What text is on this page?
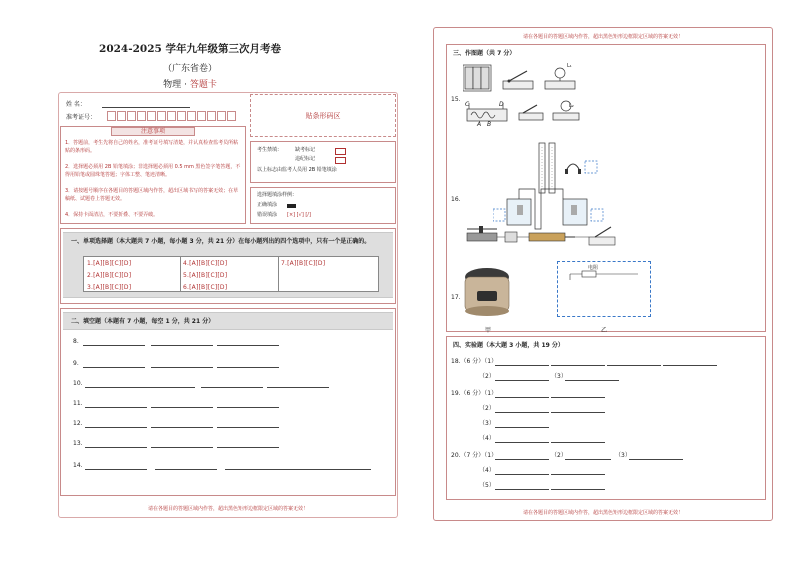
2024-2025 学年九年级第三次月考卷
（广东省卷）
物理 · 答题卡
姓 名：
准考证号：	贴条形码区
注意事项
1．答题前，考生先将自己的姓名，准考证号填写清楚，并认真检查监考员所粘贴的条形码。
2．选择题必须用 2B 铅笔填涂；非选择题必须用 0.5 mm 黑色签字笔答题，不得用铅笔或圆珠笔答题；字体工整、笔迹清晰。
3．请按题号顺序在各题目的答题区域内作答，超出区域书写的答案无效；在草稿纸、试题卷上答题无效。
4．保持卡面清洁，不要折叠、不要弄破。
考生禁填：	缺考标记
违纪标记
以上标志由监考人员用 2B 铅笔填涂
选择题填涂样例：
正确填涂
错误填涂 [×] [√] [/]
一、单项选择题（本大题共 7 小题，每小题 3 分，共 21 分）在每小题列出的四个选项中，只有一个是正确的。
1.[A][B][C][D]
2.[A][B][C][D]
3.[A][B][C][D]
4.[A][B][C][D]
5.[A][B][C][D]
6.[A][B][C][D]
7.[A][B][C][D]
二、填空题（本题有 7 小题，每空 1 分，共 21 分）
8.
9.
10.
11.
12.
13.
14.
请在各题目的答题区域内作答，超出黑色矩形边框限定区域的答案无效！
请在各题目的答题区域内作答，超出黑色矩形边框限定区域的答案无效！
三、作图题（共 7 分）
15.
C	D
A B
L₁
L₂
16.
17.
甲
电阻
乙
四、实验题（本大题 3 小题，共 19 分）
18.（6 分）（1）
（2）	（3）
19.（6 分）（1）
（2）
（3）
（4）
20.（7 分）（1）	（2）	（3）
（4）
（5）
请在各题目的答题区域内作答，超出黑色矩形边框限定区域的答案无效！
